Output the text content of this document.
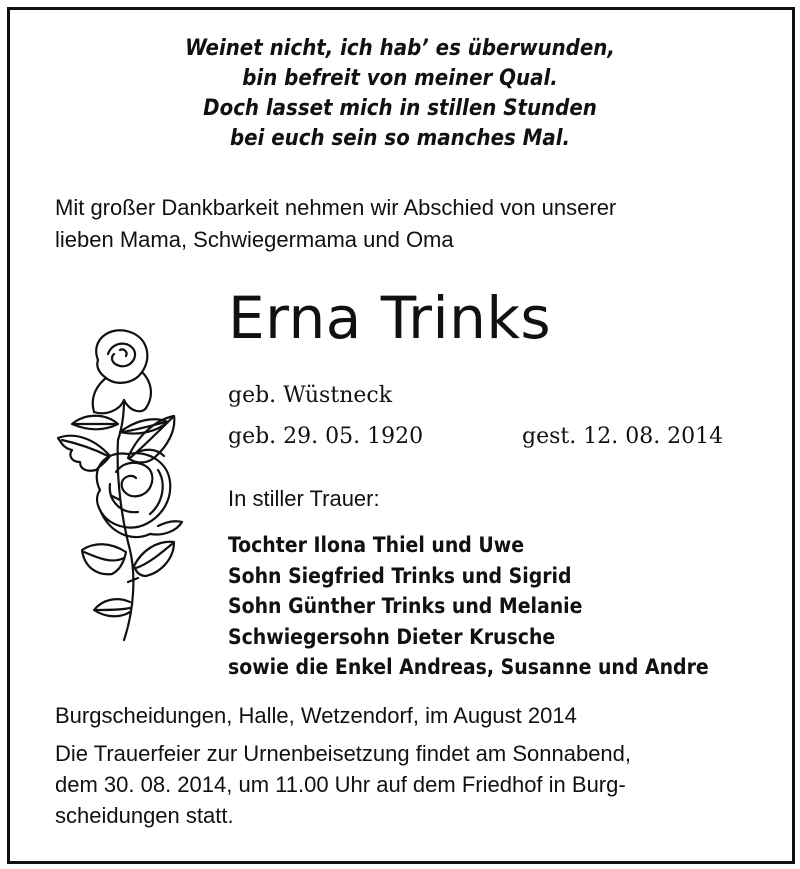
Weinet nicht, ich hab’ es überwunden,
bin befreit von meiner Qual.
Doch lasset mich in stillen Stunden
bei euch sein so manches Mal.
Mit großer Dankbarkeit nehmen wir Abschied von unserer
lieben Mama, Schwiegermama und Oma
Erna Trinks
geb. Wüstneck
geb. 29. 05. 1920	gest. 12. 08. 2014
In stiller Trauer:
Tochter Ilona Thiel und Uwe
Sohn Siegfried Trinks und Sigrid
Sohn Günther Trinks und Melanie
Schwiegersohn Dieter Krusche
sowie die Enkel Andreas, Susanne und Andre
Burgscheidungen, Halle, Wetzendorf, im August 2014
Die Trauerfeier zur Urnenbeisetzung findet am Sonnabend,
dem 30. 08. 2014, um 11.00 Uhr auf dem Friedhof in Burg-
scheidungen statt.
